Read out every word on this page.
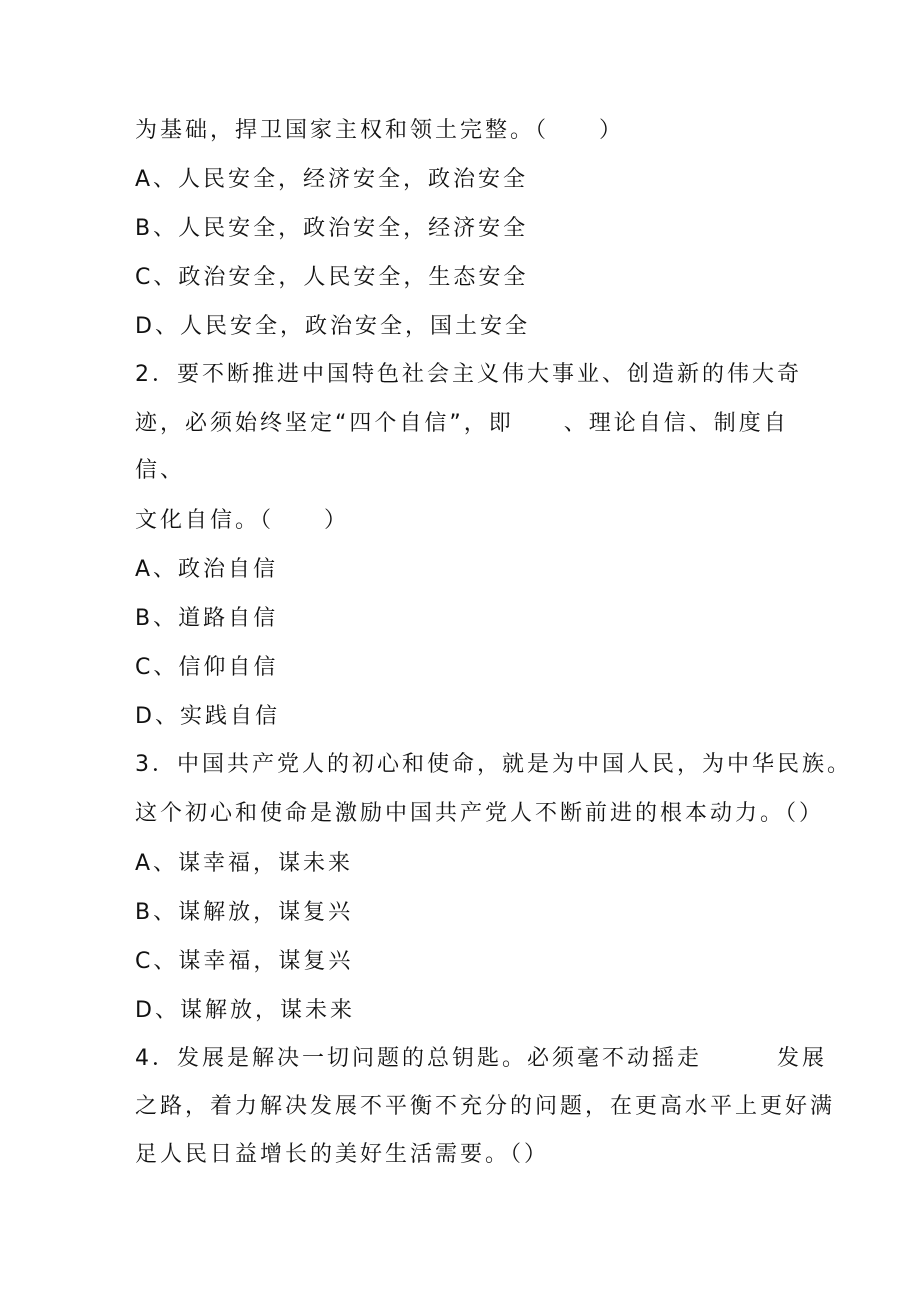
为基础，捍卫国家主权和领土完整。（　　）
A、人民安全，经济安全，政治安全
B、人民安全，政治安全，经济安全
C、政治安全，人民安全，生态安全
D、人民安全，政治安全，国土安全
2．要不断推进中国特色社会主义伟大事业、创造新的伟大奇
迹，必须始终坚定“四个自信”，即　　、理论自信、制度自
信、
文化自信。（　　）
A、政治自信
B、道路自信
C、信仰自信
D、实践自信
3．中国共产党人的初心和使命，就是为中国人民，为中华民族。
这个初心和使命是激励中国共产党人不断前进的根本动力。（）
A、谋幸福，谋未来
B、谋解放，谋复兴
C、谋幸福，谋复兴
D、谋解放，谋未来
4．发展是解决一切问题的总钥匙。必须毫不动摇走　　　发展
之路，着力解决发展不平衡不充分的问题，在更高水平上更好满
足人民日益增长的美好生活需要。（）
